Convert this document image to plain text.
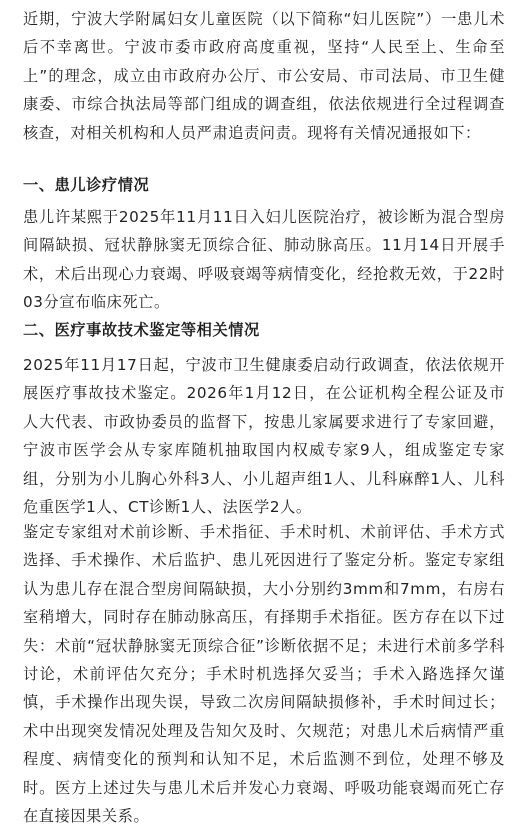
近期，宁波大学附属妇女儿童医院（以下简称“妇儿医院”）一患儿术后不幸离世。宁波市委市政府高度重视，坚持“人民至上、生命至上”的理念，成立由市政府办公厅、市公安局、市司法局、市卫生健康委、市综合执法局等部门组成的调查组，依法依规进行全过程调查核查，对相关机构和人员严肃追责问责。现将有关情况通报如下：

一、患儿诊疗情况

患儿许某熙于2025年11月11日入妇儿医院治疗，被诊断为混合型房间隔缺损、冠状静脉窦无顶综合征、肺动脉高压。11月14日开展手术，术后出现心力衰竭、呼吸衰竭等病情变化，经抢救无效，于22时03分宣布临床死亡。

二、医疗事故技术鉴定等相关情况

2025年11月17日起，宁波市卫生健康委启动行政调查，依法依规开展医疗事故技术鉴定。2026年1月12日，在公证机构全程公证及市人大代表、市政协委员的监督下，按患儿家属要求进行了专家回避，宁波市医学会从专家库随机抽取国内权威专家9人，组成鉴定专家组，分别为小儿胸心外科3人、小儿超声组1人、儿科麻醉1人、儿科危重医学1人、CT诊断1人、法医学2人。

鉴定专家组对术前诊断、手术指征、手术时机、术前评估、手术方式选择、手术操作、术后监护、患儿死因进行了鉴定分析。鉴定专家组认为患儿存在混合型房间隔缺损，大小分别约3mm和7mm，右房右室稍增大，同时存在肺动脉高压，有择期手术指征。医方存在以下过失：术前“冠状静脉窦无顶综合征”诊断依据不足；未进行术前多学科讨论，术前评估欠充分；手术时机选择欠妥当；手术入路选择欠谨慎，手术操作出现失误，导致二次房间隔缺损修补，手术时间过长；术中出现突发情况处理及告知欠及时、欠规范；对患儿术后病情严重程度、病情变化的预判和认知不足，术后监测不到位，处理不够及时。医方上述过失与患儿术后并发心力衰竭、呼吸功能衰竭而死亡存在直接因果关系。
